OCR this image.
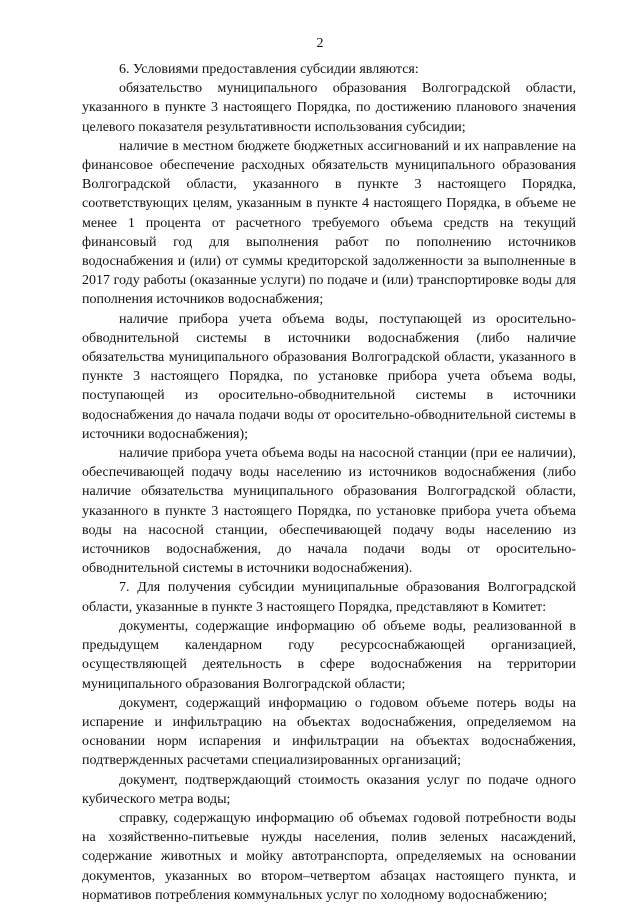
2

6. Условиями предоставления субсидии являются:

обязательство муниципального образования Волгоградской области, указанного в пункте 3 настоящего Порядка, по достижению планового значения целевого показателя результативности использования субсидии;

наличие в местном бюджете бюджетных ассигнований и их направление на финансовое обеспечение расходных обязательств муниципального образования Волгоградской области, указанного в пункте 3 настоящего Порядка, соответствующих целям, указанным в пункте 4 настоящего Порядка, в объеме не менее 1 процента от расчетного требуемого объема средств на текущий финансовый год для выполнения работ по пополнению источников водоснабжения и (или) от суммы кредиторской задолженности за выполненные в 2017 году работы (оказанные услуги) по подаче и (или) транспортировке воды для пополнения источников водоснабжения;

наличие прибора учета объема воды, поступающей из оросительно-обводнительной системы в источники водоснабжения (либо наличие обязательства муниципального образования Волгоградской области, указанного в пункте 3 настоящего Порядка, по установке прибора учета объема воды, поступающей из оросительно-обводнительной системы в источники водоснабжения до начала подачи воды от оросительно-обводнительной системы в источники водоснабжения);

наличие прибора учета объема воды на насосной станции (при ее наличии), обеспечивающей подачу воды населению из источников водоснабжения (либо наличие обязательства муниципального образования Волгоградской области, указанного в пункте 3 настоящего Порядка, по установке прибора учета объема воды на насосной станции, обеспечивающей подачу воды населению из источников водоснабжения, до начала подачи воды от оросительно-обводнительной системы в источники водоснабжения).

7. Для получения субсидии муниципальные образования Волгоградской области, указанные в пункте 3 настоящего Порядка, представляют в Комитет:

документы, содержащие информацию об объеме воды, реализованной в предыдущем календарном году ресурсоснабжающей организацией, осуществляющей деятельность в сфере водоснабжения на территории муниципального образования Волгоградской области;

документ, содержащий информацию о годовом объеме потерь воды на испарение и инфильтрацию на объектах водоснабжения, определяемом на основании норм испарения и инфильтрации на объектах водоснабжения, подтвержденных расчетами специализированных организаций;

документ, подтверждающий стоимость оказания услуг по подаче одного кубического метра воды;

справку, содержащую информацию об объемах годовой потребности воды на хозяйственно-питьевые нужды населения, полив зеленых насаждений, содержание животных и мойку автотранспорта, определяемых на основании документов, указанных во втором–четвертом абзацах настоящего пункта, и нормативов потребления коммунальных услуг по холодному водоснабжению;
